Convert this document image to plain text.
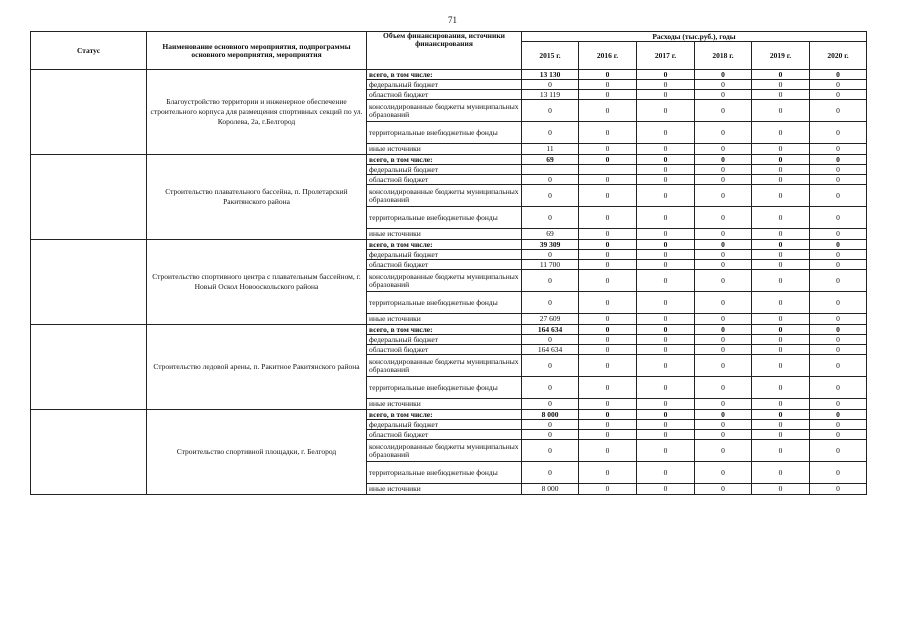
71
Статус	Наименование основного мероприятия, подпрограммы основного мероприятия, мероприятия	Объем финансирования, источники финансирования	Расходы (тыс.руб.), годы					
			2015 г.	2016 г.	2017 г.	2018 г.	2019 г.	2020 г.
	Благоустройство территории и инженерное обеспечение строительного корпуса для размещения спортивных секций по ул. Королева, 2а, г.Белгород	всего, в том числе:	13 130	0	0	0	0	0
		федеральный бюджет	0	0	0	0	0	0
		областной бюджет	13 119	0	0	0	0	0
		консолидированные бюджеты муниципальных образований	0	0	0	0	0	0
		территориальные внебюджетные фонды	0	0	0	0	0	0
		иные источники	11	0	0	0	0	0
	Строительство плавательного бассейна, п. Пролетарский Ракитянского района	всего, в том числе:	69	0	0	0	0	0
		федеральный бюджет			0	0	0	0
		областной бюджет	0	0	0	0	0	0
		консолидированные бюджеты муниципальных образований	0	0	0	0	0	0
		территориальные внебюджетные фонды	0	0	0	0	0	0
		иные источники	69	0	0	0	0	0
	Строительство спортивного центра с плавательным бассейном, г. Новый Оскол Новооскольского района	всего, в том числе:	39 309	0	0	0	0	0
		федеральный бюджет	0	0	0	0	0	0
		областной бюджет	11 700	0	0	0	0	0
		консолидированные бюджеты муниципальных образований	0	0	0	0	0	0
		территориальные внебюджетные фонды	0	0	0	0	0	0
		иные источники	27 609	0	0	0	0	0
	Строительство ледовой арены, п. Ракитное Ракитянского района	всего, в том числе:	164 634	0	0	0	0	0
		федеральный бюджет	0	0	0	0	0	0
		областной бюджет	164 634	0	0	0	0	0
		консолидированные бюджеты муниципальных образований	0	0	0	0	0	0
		территориальные внебюджетные фонды	0	0	0	0	0	0
		иные источники	0	0	0	0	0	0
	Строительство спортивной площадки, г. Белгород	всего, в том числе:	8 000	0	0	0	0	0
		федеральный бюджет	0	0	0	0	0	0
		областной бюджет	0	0	0	0	0	0
		консолидированные бюджеты муниципальных образований	0	0	0	0	0	0
		территориальные внебюджетные фонды	0	0	0	0	0	0
		иные источники	8 000	0	0	0	0	0
